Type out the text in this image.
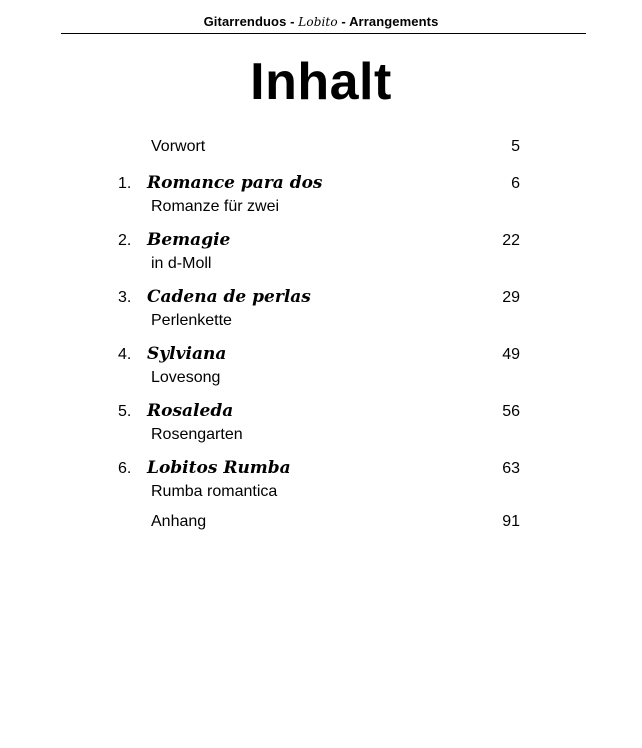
Gitarrenduos - Lobito - Arrangements
Inhalt
Vorwort	5
1. Romance para dos
Romanze für zwei
6
2. Bemagie
in d-Moll
22
3. Cadena de perlas
Perlenkette
29
4. Sylviana
Lovesong
49
5. Rosaleda
Rosengarten
56
6. Lobitos Rumba
Rumba romantica
63
Anhang	91
